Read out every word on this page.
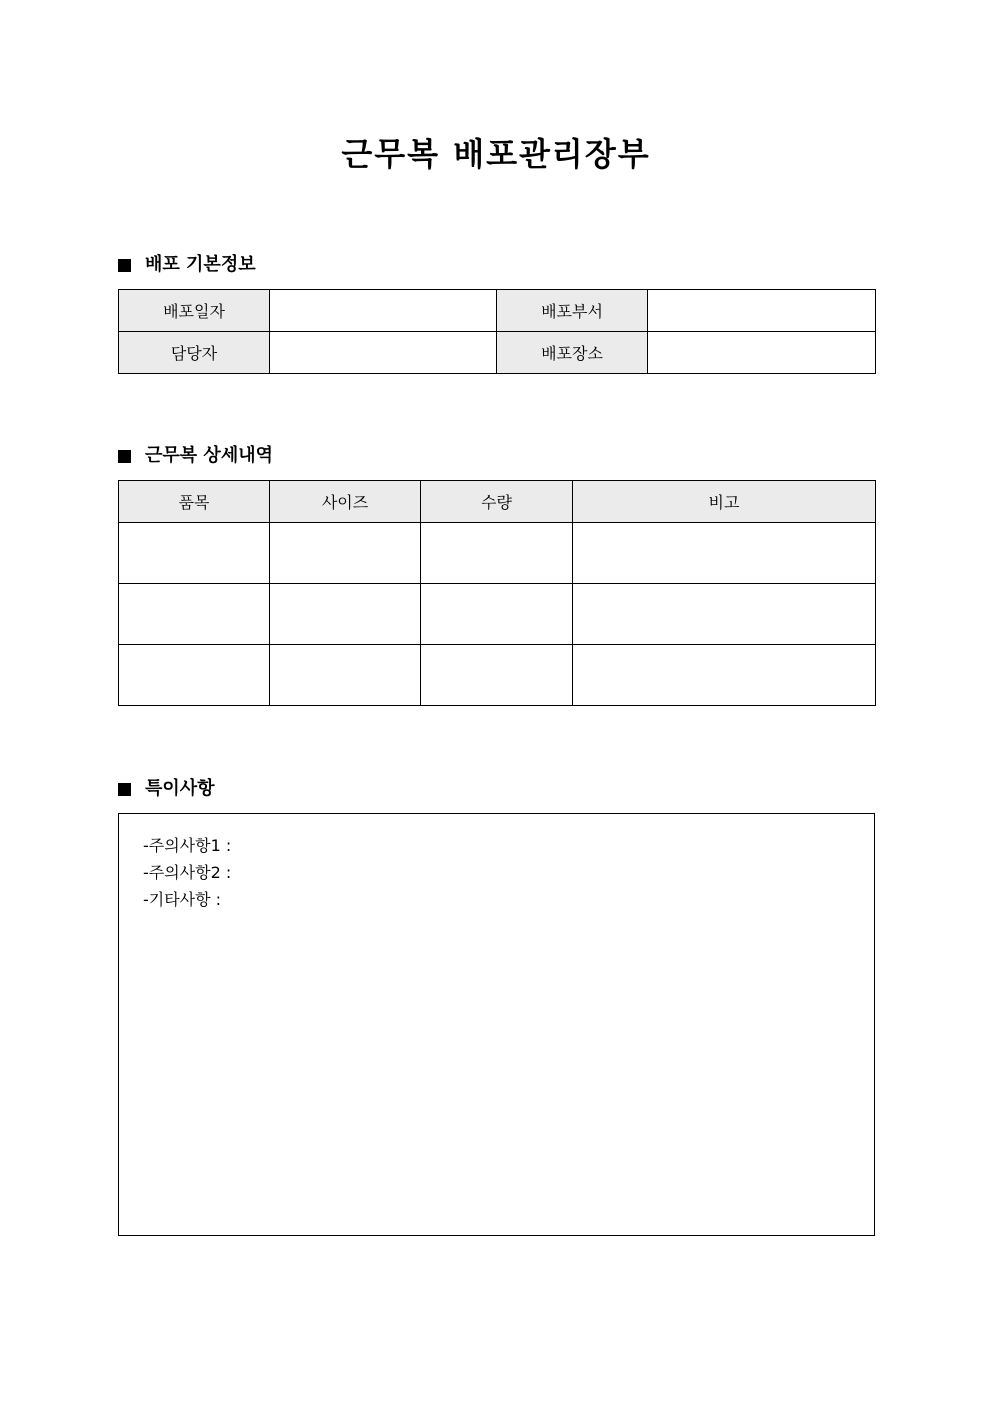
근무복 배포관리장부
배포 기본정보
배포일자		배포부서	
담당자		배포장소	
근무복 상세내역
품목	사이즈	수량	비고

특이사항
-주의사항1 :
-주의사항2 :
-기타사항 :
